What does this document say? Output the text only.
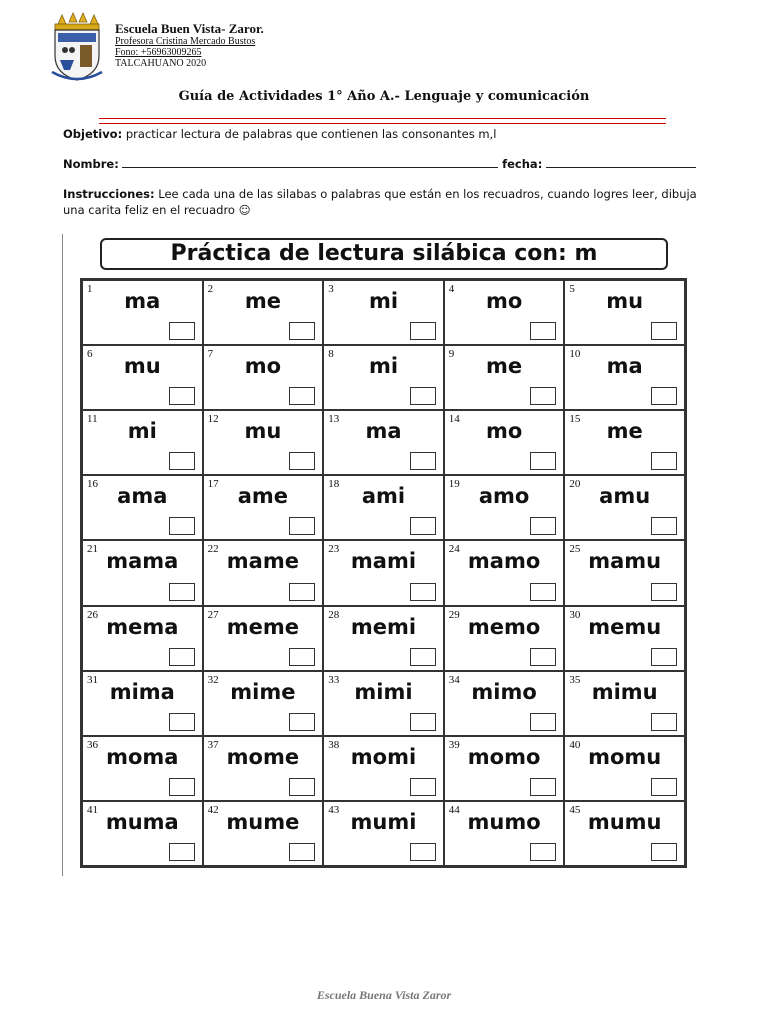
Escuela Buen Vista- Zaror.
Profesora Cristina Mercado Bustos
Fono: +56963009265
TALCAHUANO 2020
Guía de Actividades 1° Año A.- Lenguaje y comunicación
Objetivo: practicar lectura de palabras que contienen las consonantes m,l
Nombre:	fecha:
Instrucciones: Lee cada una de las silabas o palabras que están en los recuadros, cuando logres leer, dibuja una carita feliz en el recuadro ☺
Práctica de lectura silábica con: m
1	ma	2	me	3	mi	4	mo	5	mu
6	mu	7	mo	8	mi	9	me	10	ma
11	mi	12	mu	13	ma	14	mo	15	me
16 ama	17 ame	18	ami	19 amo	20 amu
21 mama	22 mame	23 mami	24 mamo	25 mamu
26 mema	27 meme	28 memi	29 memo	30 memu
31 mima	32 mime	33 mimi	34 mimo	35 mimu
36 moma	37 mome	38 momi	39 momo	40 momu
41 muma	42 mume	43 mumi	44 mumo	45 mumu
Escuela Buena Vista Zaror
